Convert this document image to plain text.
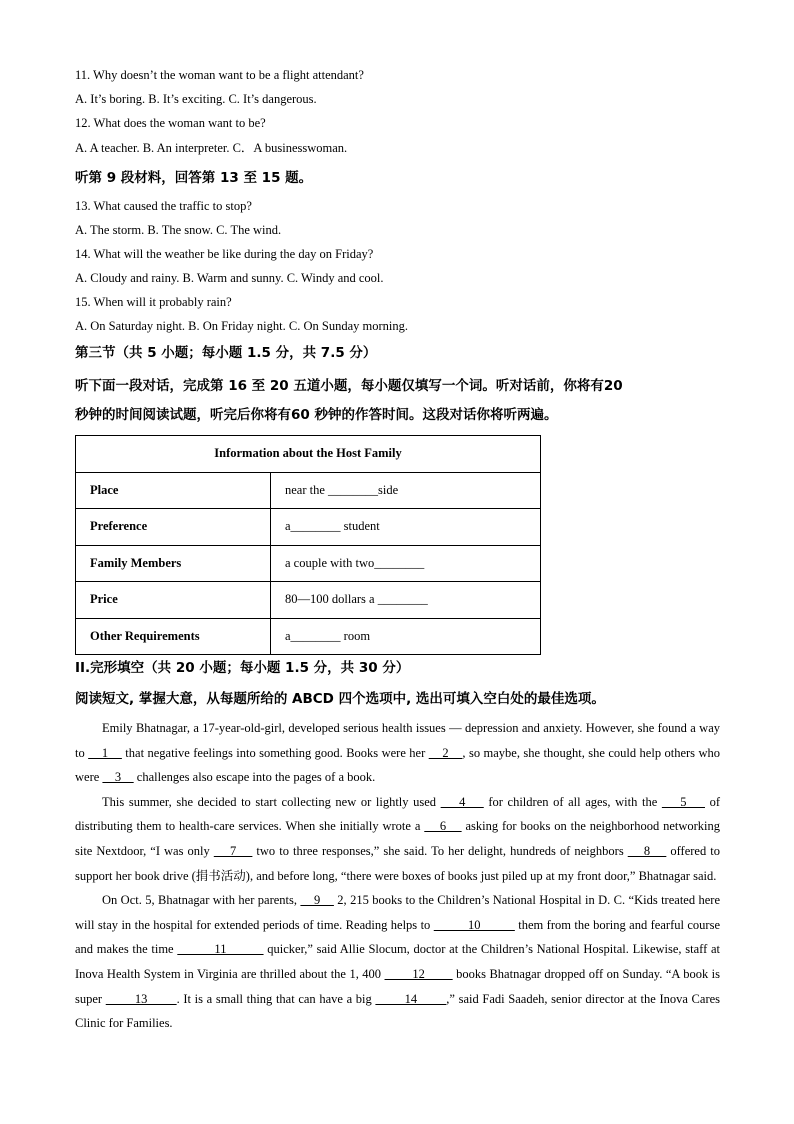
11. Why doesn’t the woman want to be a flight attendant?
A. It’s boring. B. It’s exciting. C. It’s dangerous.
12. What does the woman want to be?
A. A teacher. B. An interpreter. C．A businesswoman.
听第 9 段材料，回答第 13 至 15 题。
13. What caused the traffic to stop?
A. The storm. B. The snow. C. The wind.
14. What will the weather be like during the day on Friday?
A. Cloudy and rainy. B. Warm and sunny. C. Windy and cool.
15. When will it probably rain?
A. On Saturday night. B. On Friday night. C. On Sunday morning.
第三节（共 5 小题；每小题 1.5 分，共 7.5 分）
听下面一段对话，完成第 16 至 20 五道小题，每小题仅填写一个词。听对话前，你将有20
秒钟的时间阅读试题，听完后你将有60 秒钟的作答时间。这段对话你将听两遍。
Information about the Host Family	
Place	near the ________side
Preference	a________ student
Family Members	a couple with two________
Price	80—100 dollars a ________
Other Requirements	a________ room
II.完形填空（共 20 小题；每小题 1.5 分，共 30 分）
阅读短文, 掌握大意，从每题所给的 ABCD 四个选项中, 选出可填入空白处的最佳选项。

Emily Bhatnagar, a 17-year-old-girl, developed serious health issues — depression and anxiety. However, she found a way to     1     that negative feelings into something good. Books were her     2    , so maybe, she thought, she could help others who were     3     challenges also escape into the pages of a book.

This summer, she decided to start collecting new or lightly used     4     for children of all ages, with the     5     of distributing them to health-care services. When she initially wrote a     6     asking for books on the neighborhood networking site Nextdoor, “I was only     7     two to three responses,” she said. To her delight, hundreds of neighbors     8     offered to support her book drive (捐书活动), and before long, “there were boxes of books just piled up at my front door,” Bhatnagar said.

On Oct. 5, Bhatnagar with her parents,     9     2, 215 books to the Children’s National Hospital in D. C. “Kids treated here will stay in the hospital for extended periods of time. Reading helps to           10           them from the boring and fearful course and makes the time           11           quicker,” said Allie Slocum, doctor at the Children’s National Hospital. Likewise, staff at Inova Health System in Virginia are thrilled about the 1, 400         12         books Bhatnagar dropped off on Sunday. “A book is super         13        . It is a small thing that can have a big         14        ,” said Fadi Saadeh, senior director at the Inova Cares Clinic for Families.
